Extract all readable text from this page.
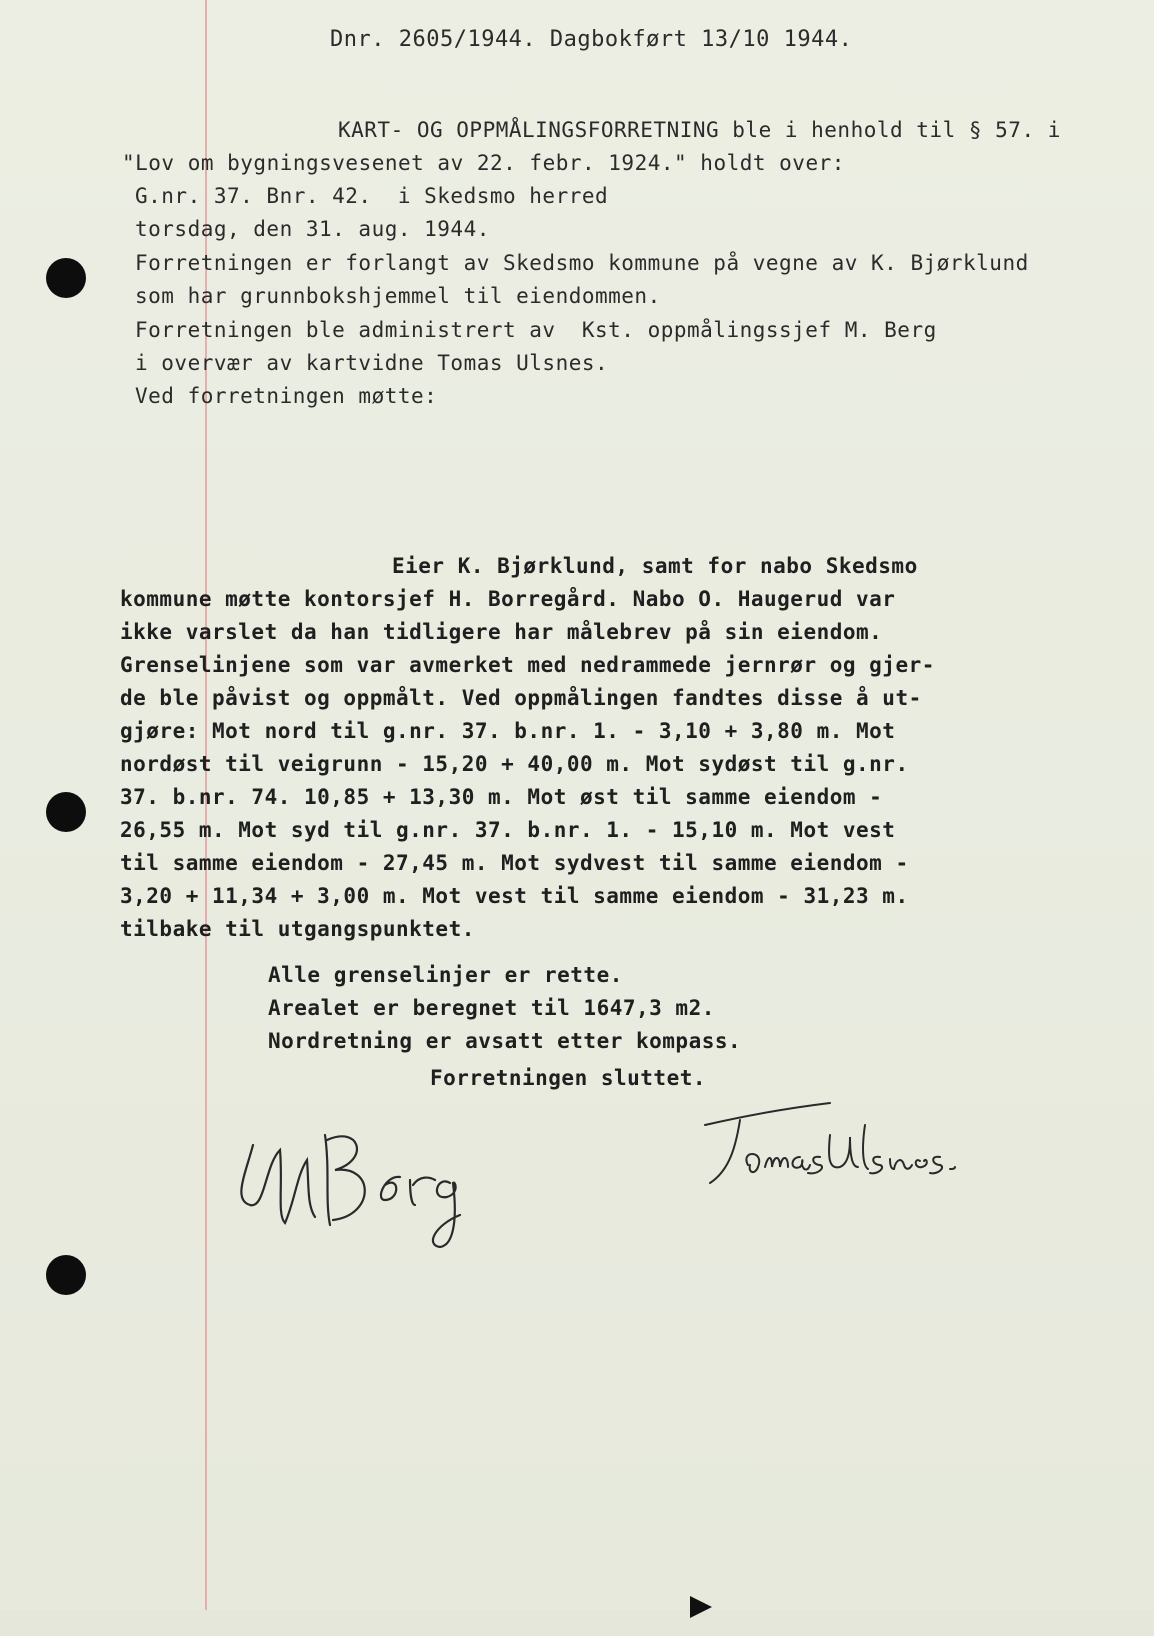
Dnr. 2605/1944. Dagbokført 13/10 1944.
KART- OG OPPMÅLINGSFORRETNING ble i henhold til § 57. i
"Lov om bygningsvesenet av 22. febr. 1924." holdt over:
G.nr. 37. Bnr. 42.  i Skedsmo herred
torsdag, den 31. aug. 1944.
Forretningen er forlangt av Skedsmo kommune på vegne av K. Bjørklund
som har grunnbokshjemmel til eiendommen.
Forretningen ble administrert av  Kst. oppmålingssjef M. Berg
i overvær av kartvidne Tomas Ulsnes.
Ved forretningen møtte:
Eier K. Bjørklund, samt for nabo Skedsmo
kommune møtte kontorsjef H. Borregård. Nabo O. Haugerud var
ikke varslet da han tidligere har målebrev på sin eiendom.
Grenselinjene som var avmerket med nedrammede jernrør og gjer-
de ble påvist og oppmålt. Ved oppmålingen fandtes disse å ut-
gjøre: Mot nord til g.nr. 37. b.nr. 1. - 3,10 + 3,80 m. Mot
nordøst til veigrunn - 15,20 + 40,00 m. Mot sydøst til g.nr.
37. b.nr. 74. 10,85 + 13,30 m. Mot øst til samme eiendom -
26,55 m. Mot syd til g.nr. 37. b.nr. 1. - 15,10 m. Mot vest
til samme eiendom - 27,45 m. Mot sydvest til samme eiendom -
3,20 + 11,34 + 3,00 m. Mot vest til samme eiendom - 31,23 m.
tilbake til utgangspunktet.
Alle grenselinjer er rette.
Arealet er beregnet til 1647,3 m2.
Nordretning er avsatt etter kompass.
Forretningen sluttet.
